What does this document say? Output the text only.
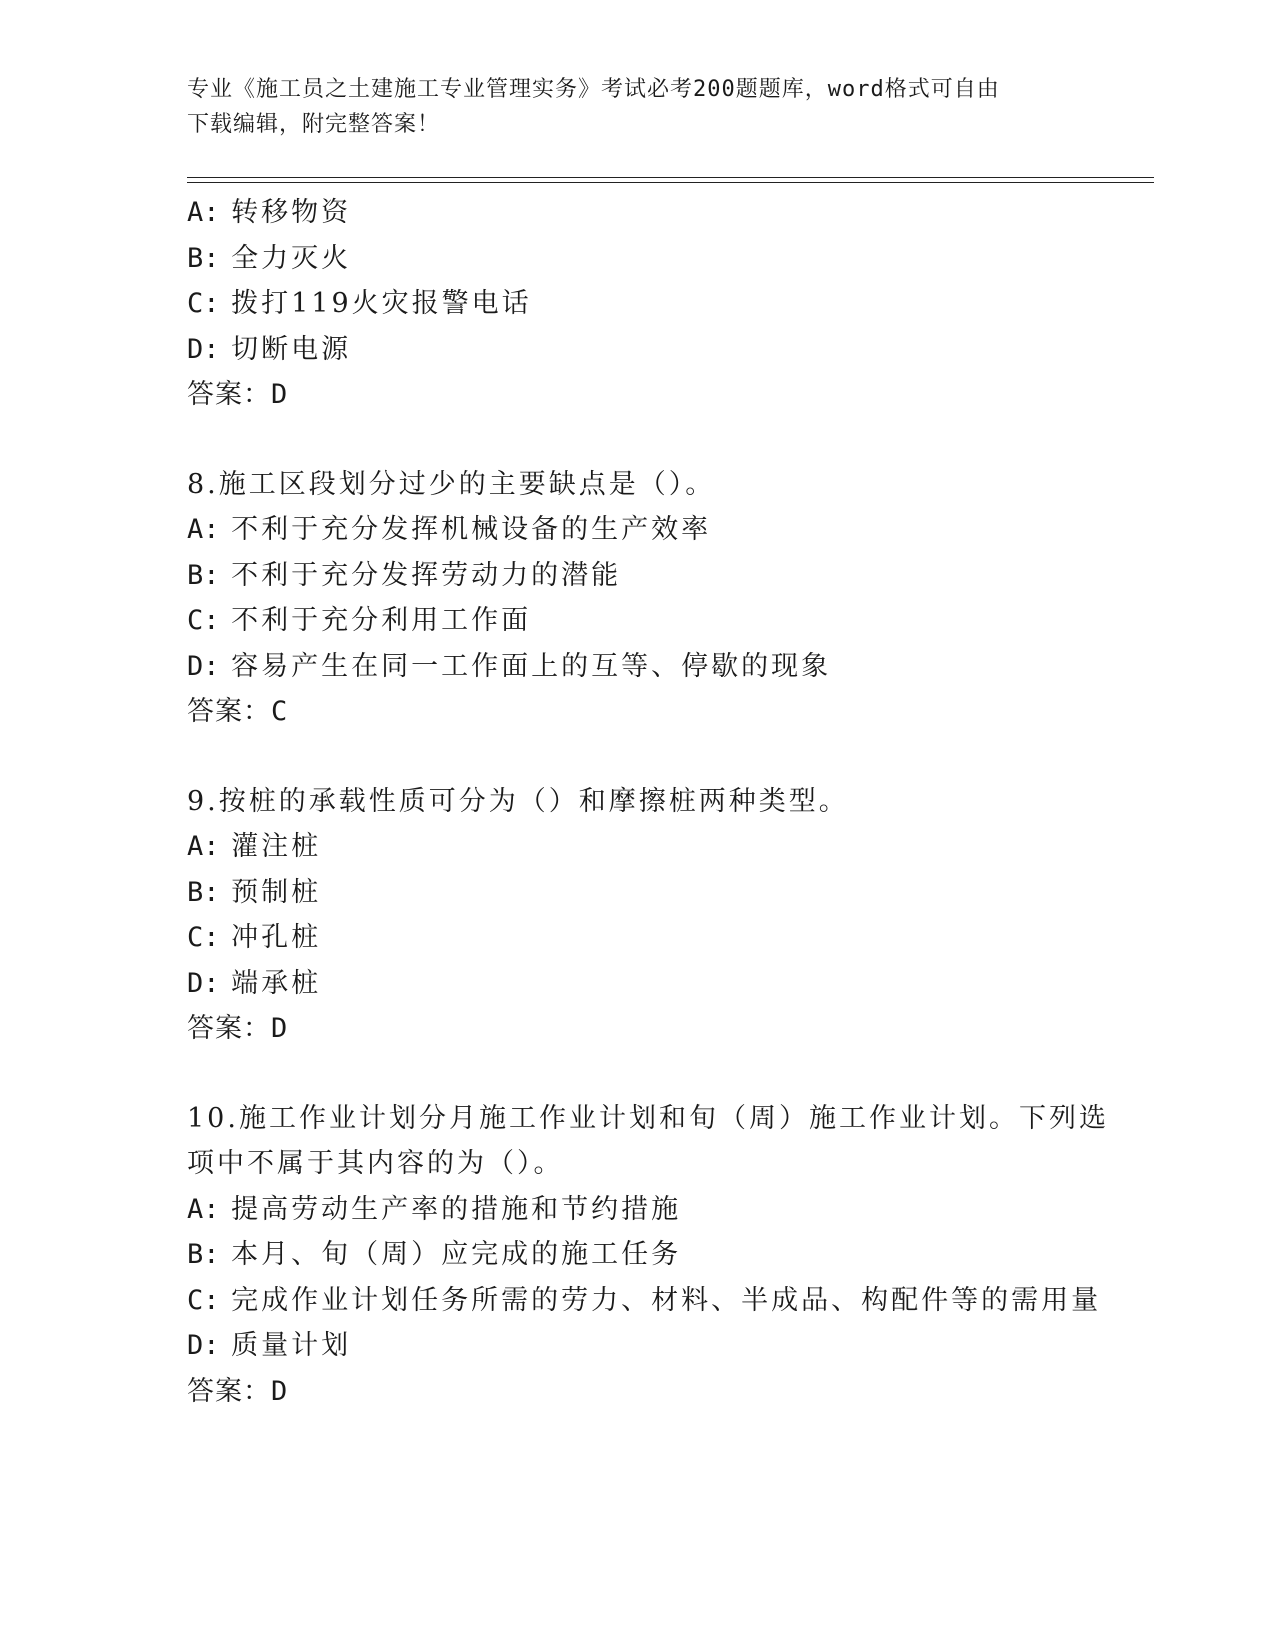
专业《施工员之土建施工专业管理实务》考试必考200题题库，word格式可自由
下载编辑，附完整答案！
A: 转移物资
B: 全力灭火
C: 拨打119火灾报警电话
D: 切断电源
答案：D
8.施工区段划分过少的主要缺点是（）。
A: 不利于充分发挥机械设备的生产效率
B: 不利于充分发挥劳动力的潜能
C: 不利于充分利用工作面
D: 容易产生在同一工作面上的互等、停歇的现象
答案：C
9.按桩的承载性质可分为（）和摩擦桩两种类型。
A: 灌注桩
B: 预制桩
C: 冲孔桩
D: 端承桩
答案：D
10.施工作业计划分月施工作业计划和旬（周）施工作业计划。下列选
项中不属于其内容的为（）。
A: 提高劳动生产率的措施和节约措施
B: 本月、旬（周）应完成的施工任务
C: 完成作业计划任务所需的劳力、材料、半成品、构配件等的需用量
D: 质量计划
答案：D
